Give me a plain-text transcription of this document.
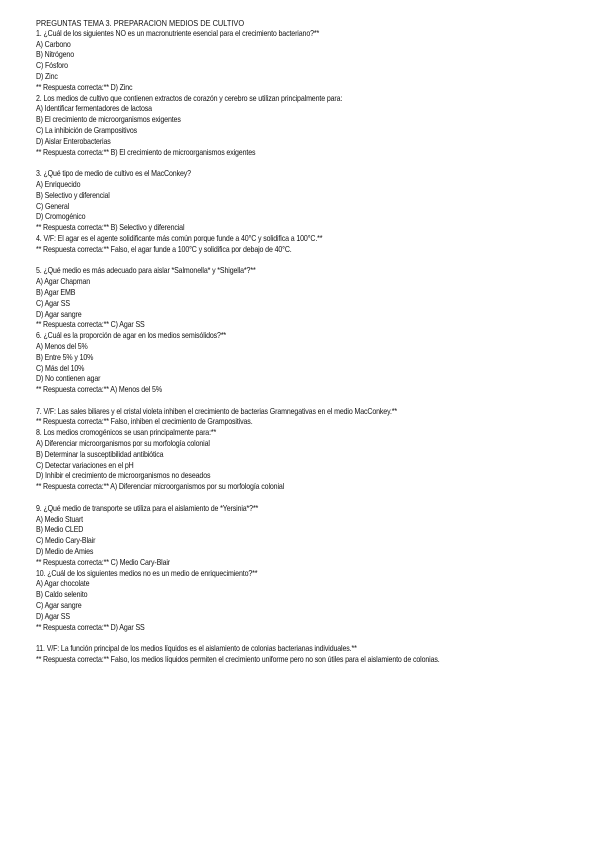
PREGUNTAS TEMA 3. PREPARACION MEDIOS DE CULTIVO
1. ¿Cuál de los siguientes NO es un macronutriente esencial para el crecimiento bacteriano?**
A) Carbono
B) Nitrógeno
C) Fósforo
D) Zinc
** Respuesta correcta:** D) Zinc
2. Los medios de cultivo que contienen extractos de corazón y cerebro se utilizan principalmente para:
A) Identificar fermentadores de lactosa
B) El crecimiento de microorganismos exigentes
C) La inhibición de Grampositivos
D) Aislar Enterobacterias
** Respuesta correcta:** B) El crecimiento de microorganismos exigentes
3. ¿Qué tipo de medio de cultivo es el MacConkey?
A) Enriquecido
B) Selectivo y diferencial
C) General
D) Cromogénico
** Respuesta correcta:** B) Selectivo y diferencial
4. V/F: El agar es el agente solidificante más común porque funde a 40°C y solidifica a 100°C.**
** Respuesta correcta:** Falso, el agar funde a 100°C y solidifica por debajo de 40°C.
5. ¿Qué medio es más adecuado para aislar *Salmonella* y *Shigella*?**
A) Agar Chapman
B) Agar EMB
C) Agar SS
D) Agar sangre
** Respuesta correcta:** C) Agar SS
6. ¿Cuál es la proporción de agar en los medios semisólidos?**
A) Menos del 5%
B) Entre 5% y 10%
C) Más del 10%
D) No contienen agar
** Respuesta correcta:** A) Menos del 5%
7. V/F: Las sales biliares y el cristal violeta inhiben el crecimiento de bacterias Gramnegativas en el medio MacConkey.**
** Respuesta correcta:** Falso, inhiben el crecimiento de Grampositivas.
8. Los medios cromogénicos se usan principalmente para:**
A) Diferenciar microorganismos por su morfología colonial
B) Determinar la susceptibilidad antibiótica
C) Detectar variaciones en el pH
D) Inhibir el crecimiento de microorganismos no deseados
** Respuesta correcta:** A) Diferenciar microorganismos por su morfología colonial
9. ¿Qué medio de transporte se utiliza para el aislamiento de *Yersinia*?**
A) Medio Stuart
B) Medio CLED
C) Medio Cary-Blair
D) Medio de Amies
** Respuesta correcta:** C) Medio Cary-Blair
10. ¿Cuál de los siguientes medios no es un medio de enriquecimiento?**
A) Agar chocolate
B) Caldo selenito
C) Agar sangre
D) Agar SS
** Respuesta correcta:** D) Agar SS
11. V/F: La función principal de los medios líquidos es el aislamiento de colonias bacterianas individuales.**
** Respuesta correcta:** Falso, los medios líquidos permiten el crecimiento uniforme pero no son útiles para el aislamiento de colonias.
